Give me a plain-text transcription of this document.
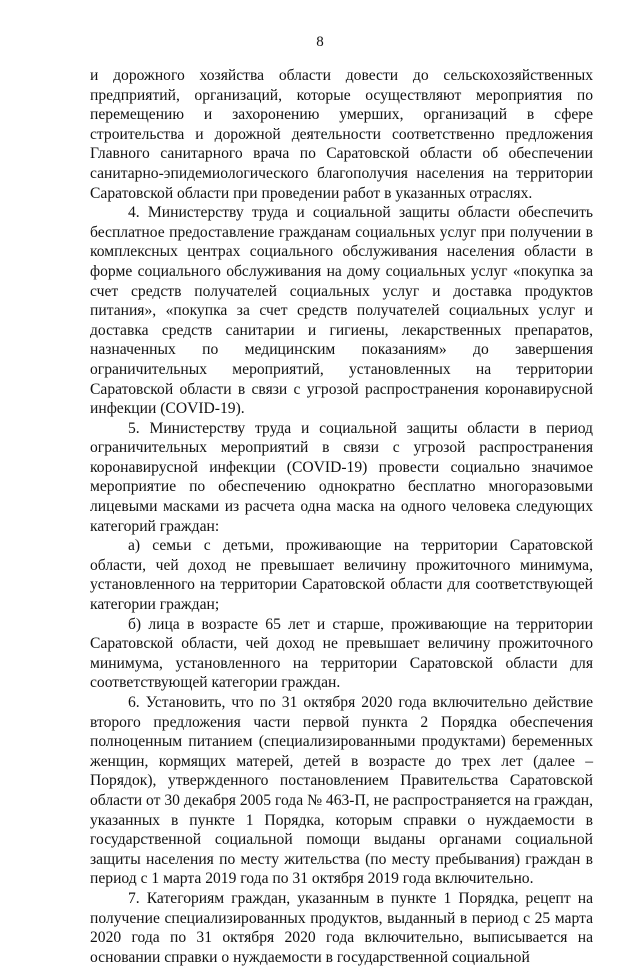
8

и дорожного хозяйства области довести до сельскохозяйственных предприятий, организаций, которые осуществляют мероприятия по перемещению и захоронению умерших, организаций в сфере строительства и дорожной деятельности соответственно предложения Главного санитарного врача по Саратовской области об обеспечении санитарно-эпидемиологического благополучия населения на территории Саратовской области при проведении работ в указанных отраслях.

4. Министерству труда и социальной защиты области обеспечить бесплатное предоставление гражданам социальных услуг при получении в комплексных центрах социального обслуживания населения области в форме социального обслуживания на дому социальных услуг «покупка за счет средств получателей социальных услуг и доставка продуктов питания», «покупка за счет средств получателей социальных услуг и доставка средств санитарии и гигиены, лекарственных препаратов, назначенных по медицинским показаниям» до завершения ограничительных мероприятий, установленных на территории Саратовской области в связи с угрозой распространения коронавирусной инфекции (COVID-19).

5. Министерству труда и социальной защиты области в период ограничительных мероприятий в связи с угрозой распространения коронавирусной инфекции (COVID-19) провести социально значимое мероприятие по обеспечению однократно бесплатно многоразовыми лицевыми масками из расчета одна маска на одного человека следующих категорий граждан:

а) семьи с детьми, проживающие на территории Саратовской области, чей доход не превышает величину прожиточного минимума, установленного на территории Саратовской области для соответствующей категории граждан;

б) лица в возрасте 65 лет и старше, проживающие на территории Саратовской области, чей доход не превышает величину прожиточного минимума, установленного на территории Саратовской области для соответствующей категории граждан.

6. Установить, что по 31 октября 2020 года включительно действие второго предложения части первой пункта 2 Порядка обеспечения полноценным питанием (специализированными продуктами) беременных женщин, кормящих матерей, детей в возрасте до трех лет (далее – Порядок), утвержденного постановлением Правительства Саратовской области от 30 декабря 2005 года № 463-П, не распространяется на граждан, указанных в пункте 1 Порядка, которым справки о нуждаемости в государственной социальной помощи выданы органами социальной защиты населения по месту жительства (по месту пребывания) граждан в период с 1 марта 2019 года по 31 октября 2019 года включительно.

7. Категориям граждан, указанным в пункте 1 Порядка, рецепт на получение специализированных продуктов, выданный в период с 25 марта 2020 года по 31 октября 2020 года включительно, выписывается на основании справки о нуждаемости в государственной социальной
